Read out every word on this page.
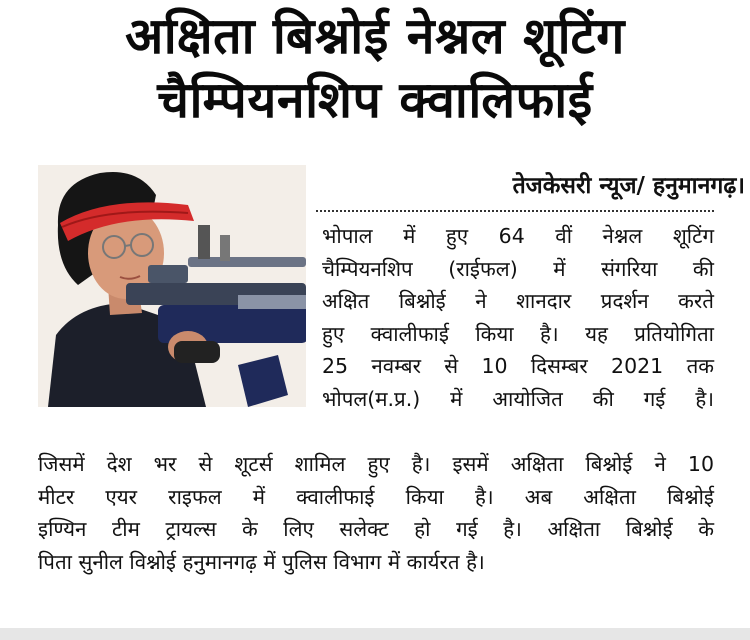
अक्षिता बिश्नोई नेश्नल शूटिंग
चैम्पियनशिप क्वालिफाई
तेजकेसरी न्यूज/ हनुमानगढ़।

भोपाल में हुए 64 वीं नेश्नल शूटिंग

चैम्पियनशिप (राईफल) में संगरिया की

अक्षित बिश्नोई ने शानदार प्रदर्शन करते

हुए क्वालीफाई किया है। यह प्रतियोगिता

25 नवम्बर से 10 दिसम्बर 2021 तक

भोपल(म.प्र.) में आयोजित की गई है।

जिसमें देश भर से शूटर्स शामिल हुए है। इसमें अक्षिता बिश्नोई ने 10

मीटर एयर राइफल में क्वालीफाई किया है। अब अक्षिता बिश्नोई

इण्यिन टीम ट्रायल्स के लिए सलेक्ट हो गई है। अक्षिता बिश्नोई के

पिता सुनील विश्नोई हनुमानगढ़ में पुलिस विभाग में कार्यरत है।
